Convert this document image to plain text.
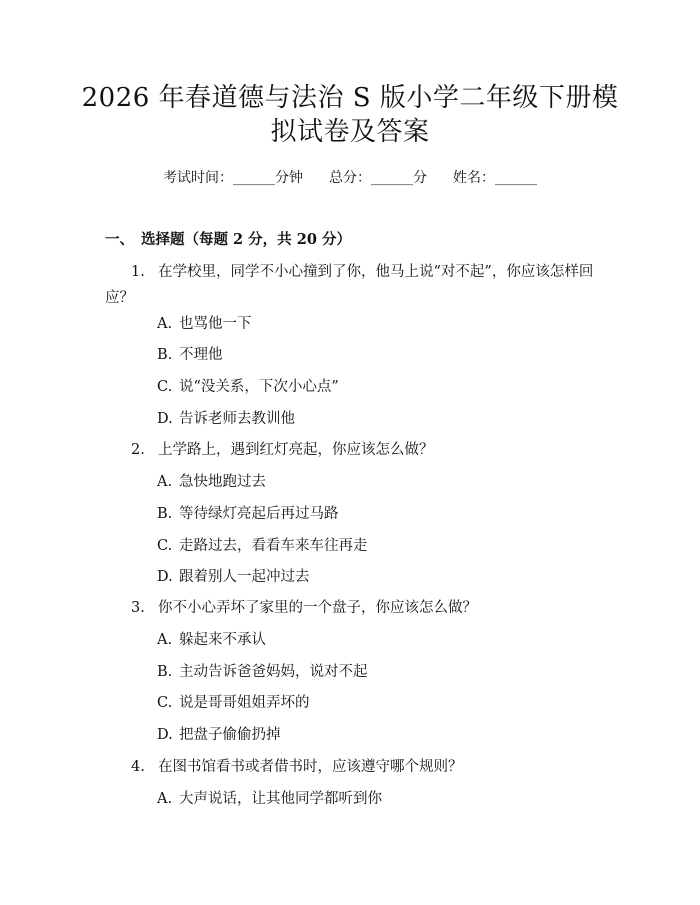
2026 年春道德与法治 S 版小学二年级下册模
拟试卷及答案
考试时间：______分钟 总分：______分 姓名：______
一、 选择题（每题 2 分，共 20 分）
1. 在学校里，同学不小心撞到了你，他马上说“对不起”，你应该怎样回应？
A. 也骂他一下
B. 不理他
C. 说“没关系，下次小心点”
D. 告诉老师去教训他
2. 上学路上，遇到红灯亮起，你应该怎么做？
A. 急快地跑过去
B. 等待绿灯亮起后再过马路
C. 走路过去，看看车来车往再走
D. 跟着别人一起冲过去
3. 你不小心弄坏了家里的一个盘子，你应该怎么做？
A. 躲起来不承认
B. 主动告诉爸爸妈妈，说对不起
C. 说是哥哥姐姐弄坏的
D. 把盘子偷偷扔掉
4. 在图书馆看书或者借书时，应该遵守哪个规则？
A. 大声说话，让其他同学都听到你
